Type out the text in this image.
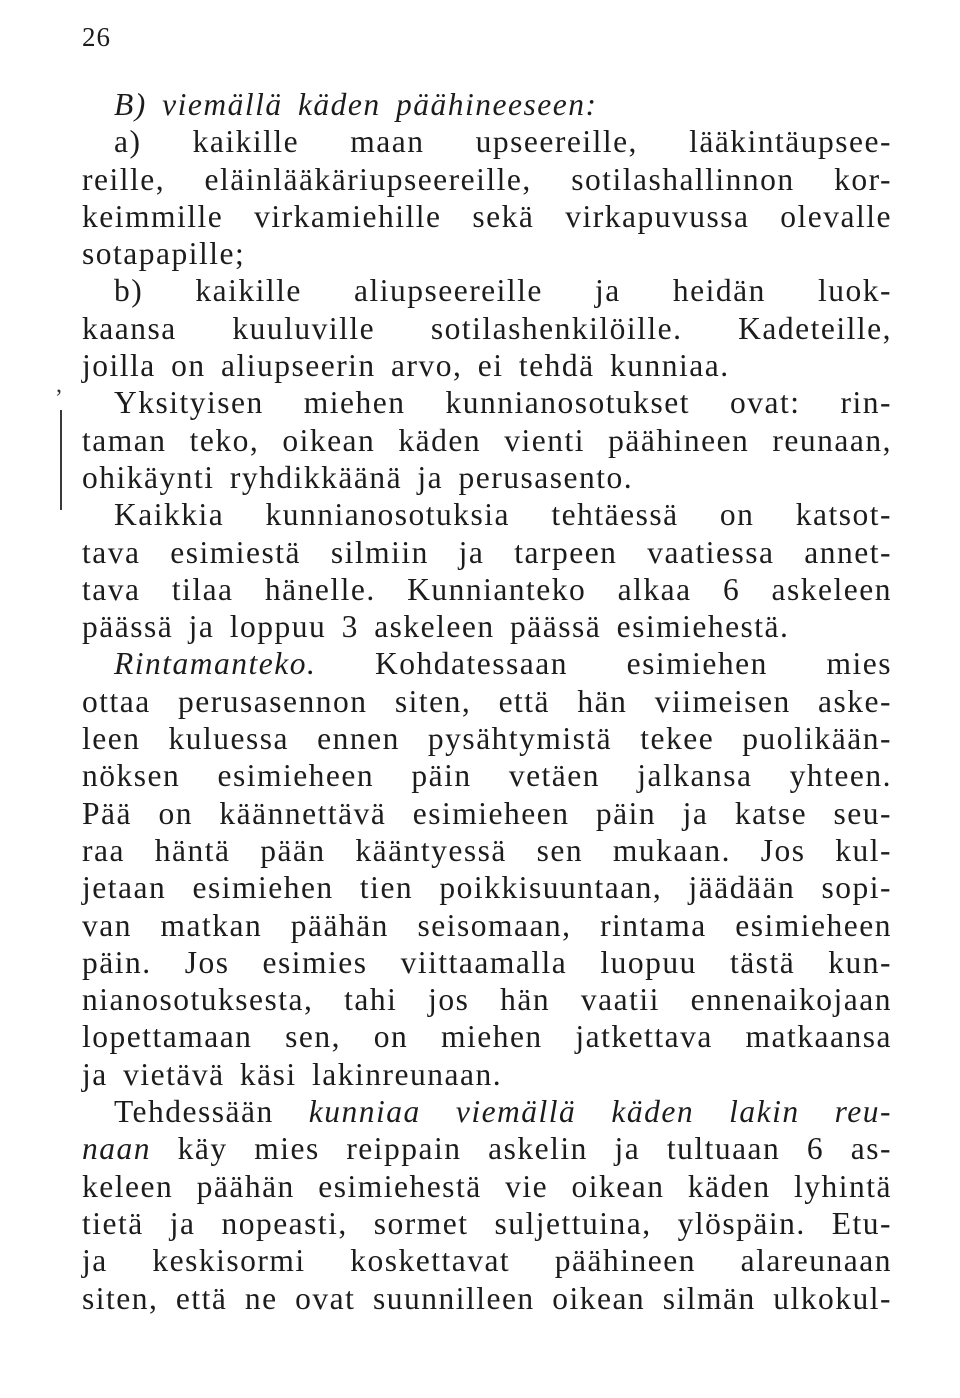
26
,
B) viemällä käden päähineeseen:
a) kaikille maan upseereille, lääkintäupsee-
reille, eläinlääkäriupseereille, sotilashallinnon kor-
keimmille virkamiehille sekä virkapuvussa olevalle
sotapapille;
b) kaikille aliupseereille ja heidän luok-
kaansa kuuluville sotilashenkilöille. Kadeteille,
joilla on aliupseerin arvo, ei tehdä kunniaa.
Yksityisen miehen kunnianosotukset ovat: rin-
taman teko, oikean käden vienti päähineen reunaan,
ohikäynti ryhdikkäänä ja perusasento.
Kaikkia kunnianosotuksia tehtäessä on katsot-
tava esimiestä silmiin ja tarpeen vaatiessa annet-
tava tilaa hänelle. Kunnianteko alkaa 6 askeleen
päässä ja loppuu 3 askeleen päässä esimiehestä.
Rintamanteko. Kohdatessaan esimiehen mies
ottaa perusasennon siten, että hän viimeisen aske-
leen kuluessa ennen pysähtymistä tekee puolikään-
nöksen esimieheen päin vetäen jalkansa yhteen.
Pää on käännettävä esimieheen päin ja katse seu-
raa häntä pään kääntyessä sen mukaan. Jos kul-
jetaan esimiehen tien poikkisuuntaan, jäädään sopi-
van matkan päähän seisomaan, rintama esimieheen
päin. Jos esimies viittaamalla luopuu tästä kun-
nianosotuksesta, tahi jos hän vaatii ennenaikojaan
lopettamaan sen, on miehen jatkettava matkaansa
ja vietävä käsi lakinreunaan.
Tehdessään kunniaa viemällä käden lakin reu-
naan käy mies reippain askelin ja tultuaan 6 as-
keleen päähän esimiehestä vie oikean käden lyhintä
tietä ja nopeasti, sormet suljettuina, ylöspäin. Etu-
ja keskisormi koskettavat päähineen alareunaan
siten, että ne ovat suunnilleen oikean silmän ulkokul-
